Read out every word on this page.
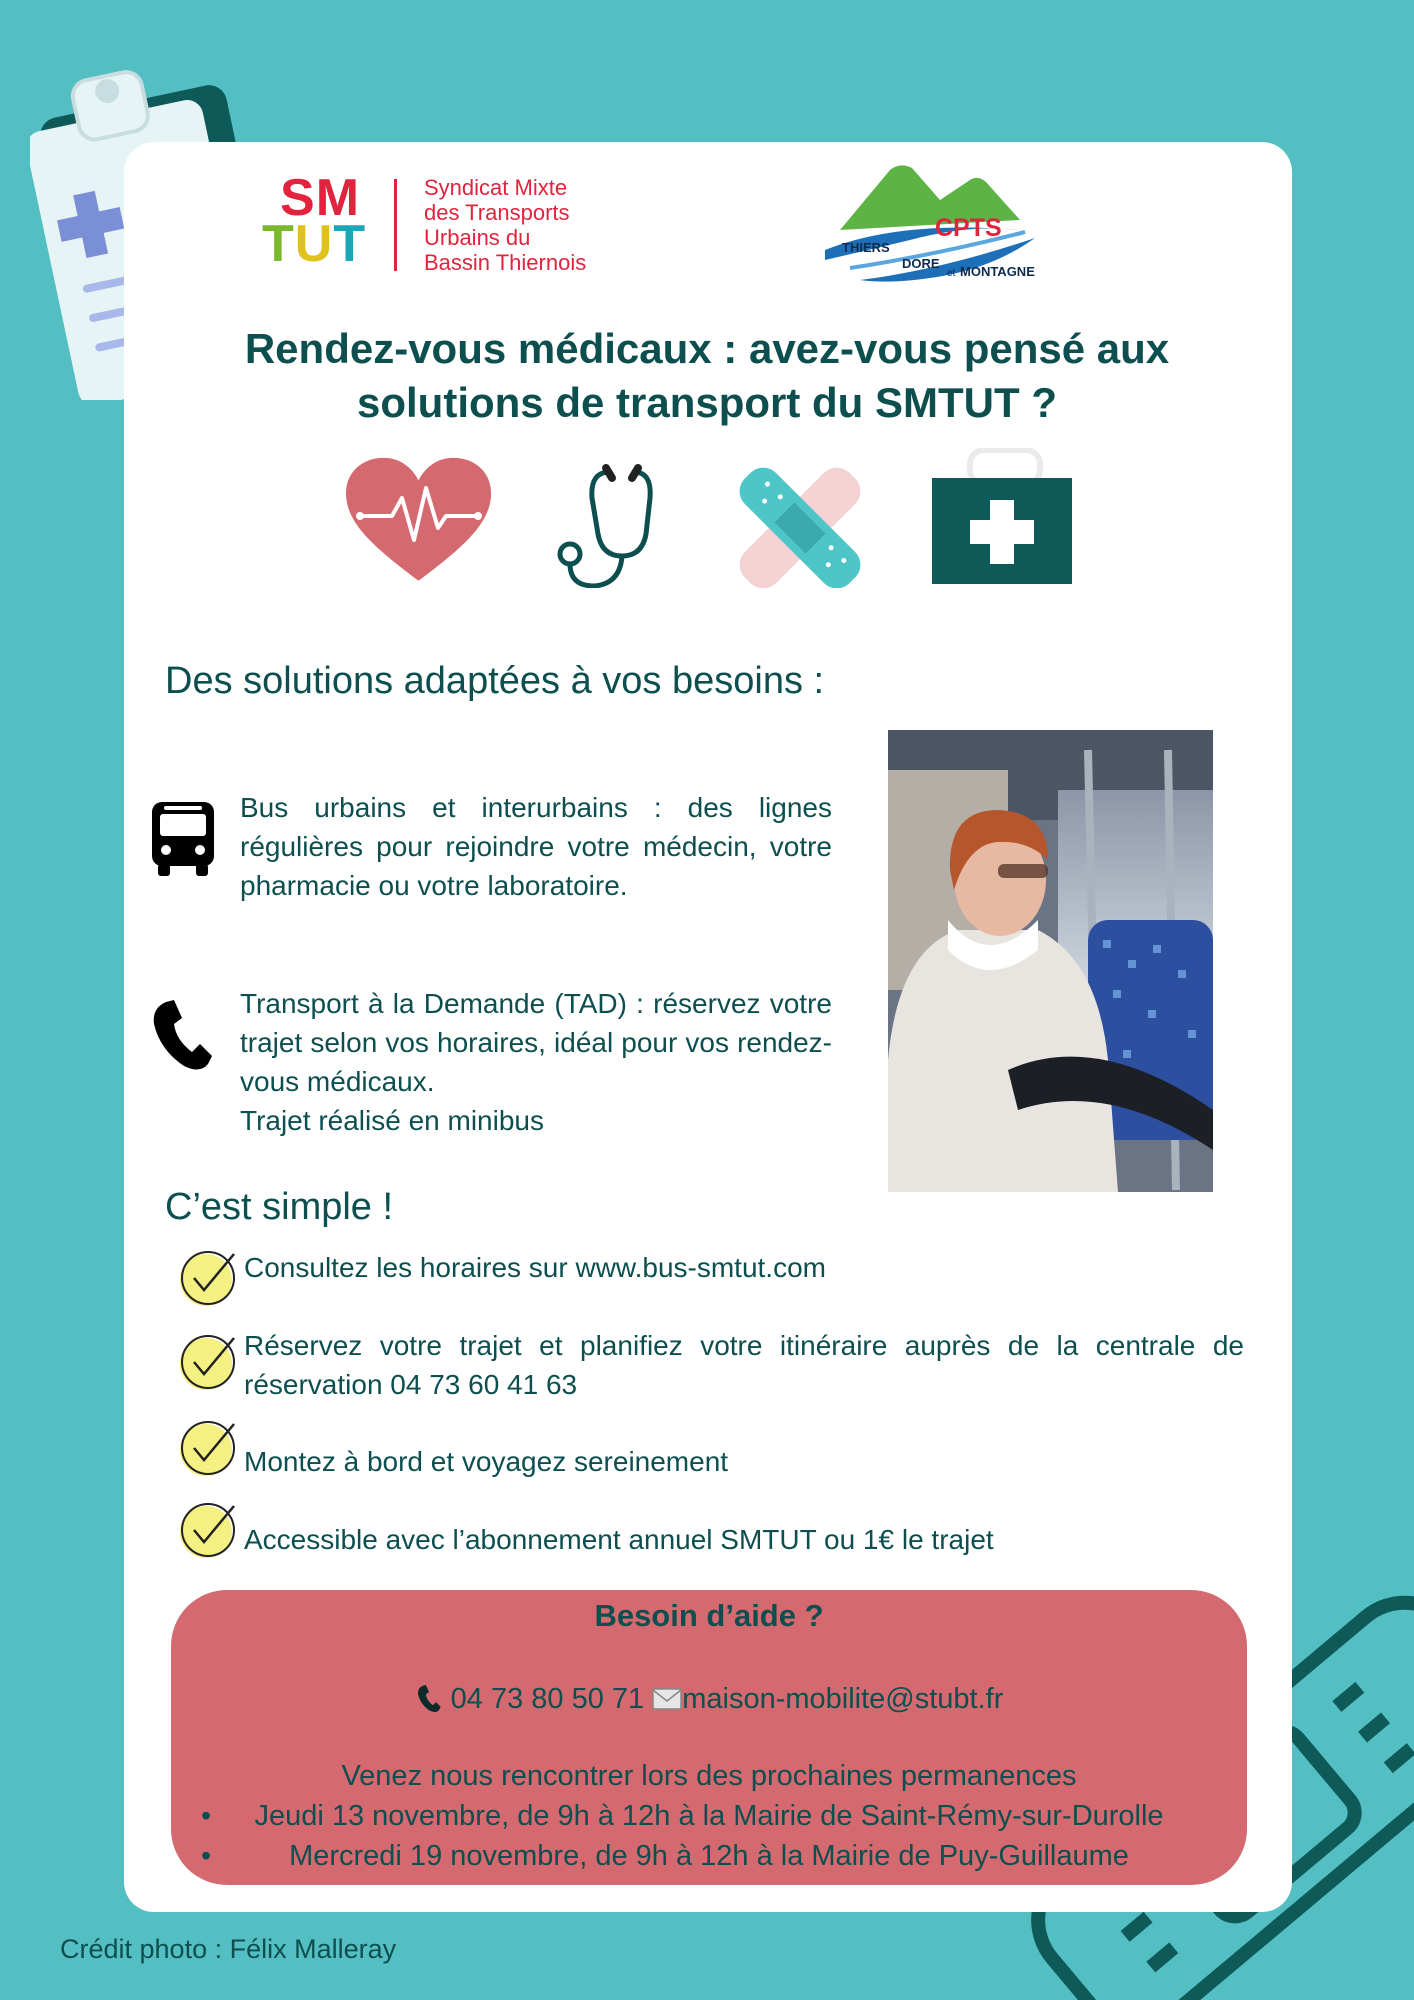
SM
TUT
Syndicat Mixte
des Transports
Urbains du
Bassin Thiernois
CPTS
THIERS
DORE
et MONTAGNE
Rendez-vous médicaux : avez-vous pensé aux
solutions de transport du SMTUT ?
Des solutions adaptées à vos besoins :
Bus urbains et interurbains : des lignes régulières pour rejoindre votre médecin, votre pharmacie ou votre laboratoire.
Transport à la Demande (TAD) : réservez votre trajet selon vos horaires, idéal pour vos rendez-vous médicaux.
Trajet réalisé en minibus
C’est simple !
Consultez les horaires sur www.bus-smtut.com
Réservez votre trajet et planifiez votre itinéraire auprès de la centrale de réservation 04 73 60 41 63
Montez à bord et voyagez sereinement
Accessible avec l’abonnement annuel SMTUT ou 1€ le trajet
Besoin d’aide ?
04 73 80 50 71 maison-mobilite@stubt.fr
Venez nous rencontrer lors des prochaines permanences
• Jeudi 13 novembre, de 9h à 12h à la Mairie de Saint-Rémy-sur-Durolle
• Mercredi 19 novembre, de 9h à 12h à la Mairie de Puy-Guillaume
Crédit photo : Félix Malleray
